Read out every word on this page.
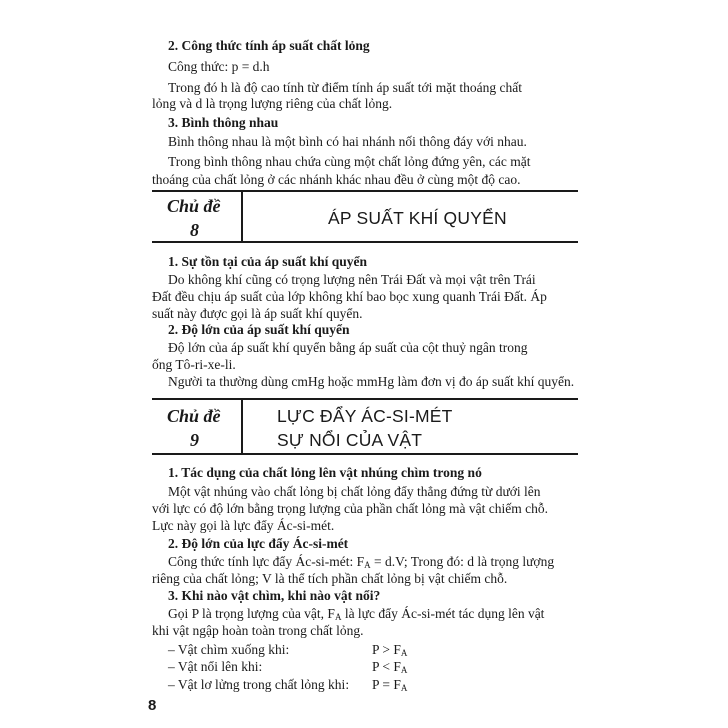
2. Công thức tính áp suất chất lỏng
Công thức: p = d.h
Trong đó h là độ cao tính từ điểm tính áp suất tới mặt thoáng chất
lỏng và d là trọng lượng riêng của chất lỏng.
3. Bình thông nhau
Bình thông nhau là một bình có hai nhánh nối thông đáy với nhau.
Trong bình thông nhau chứa cùng một chất lỏng đứng yên, các mặt
thoáng của chất lỏng ở các nhánh khác nhau đều ở cùng một độ cao.
Chủ đề
8
ÁP SUẤT KHÍ QUYỂN
1. Sự tồn tại của áp suất khí quyển
Do không khí cũng có trọng lượng nên Trái Đất và mọi vật trên Trái
Đất đều chịu áp suất của lớp không khí bao bọc xung quanh Trái Đất. Áp
suất này được gọi là áp suất khí quyển.
2. Độ lớn của áp suất khí quyển
Độ lớn của áp suất khí quyển bằng áp suất của cột thuỷ ngân trong
ống Tô-ri-xe-li.
Người ta thường dùng cmHg hoặc mmHg làm đơn vị đo áp suất khí quyển.
Chủ đề
9
LỰC ĐẨY ÁC-SI-MÉT
SỰ NỔI CỦA VẬT
1. Tác dụng của chất lỏng lên vật nhúng chìm trong nó
Một vật nhúng vào chất lỏng bị chất lỏng đẩy thẳng đứng từ dưới lên
với lực có độ lớn bằng trọng lượng của phần chất lỏng mà vật chiếm chỗ.
Lực này gọi là lực đẩy Ác-si-mét.
2. Độ lớn của lực đẩy Ác-si-mét
Công thức tính lực đẩy Ác-si-mét: $F_A = d.V$; Trong đó: d là trọng lượng
riêng của chất lỏng; V là thể tích phần chất lỏng bị vật chiếm chỗ.
3. Khi nào vật chìm, khi nào vật nổi?
Gọi P là trọng lượng của vật, $F_A$ là lực đẩy Ác-si-mét tác dụng lên vật
khi vật ngập hoàn toàn trong chất lỏng.
– Vật chìm xuống khi:	$P > F_A$
– Vật nổi lên khi:	$P < F_A$
– Vật lơ lửng trong chất lỏng khi: $P = F_A$
8
